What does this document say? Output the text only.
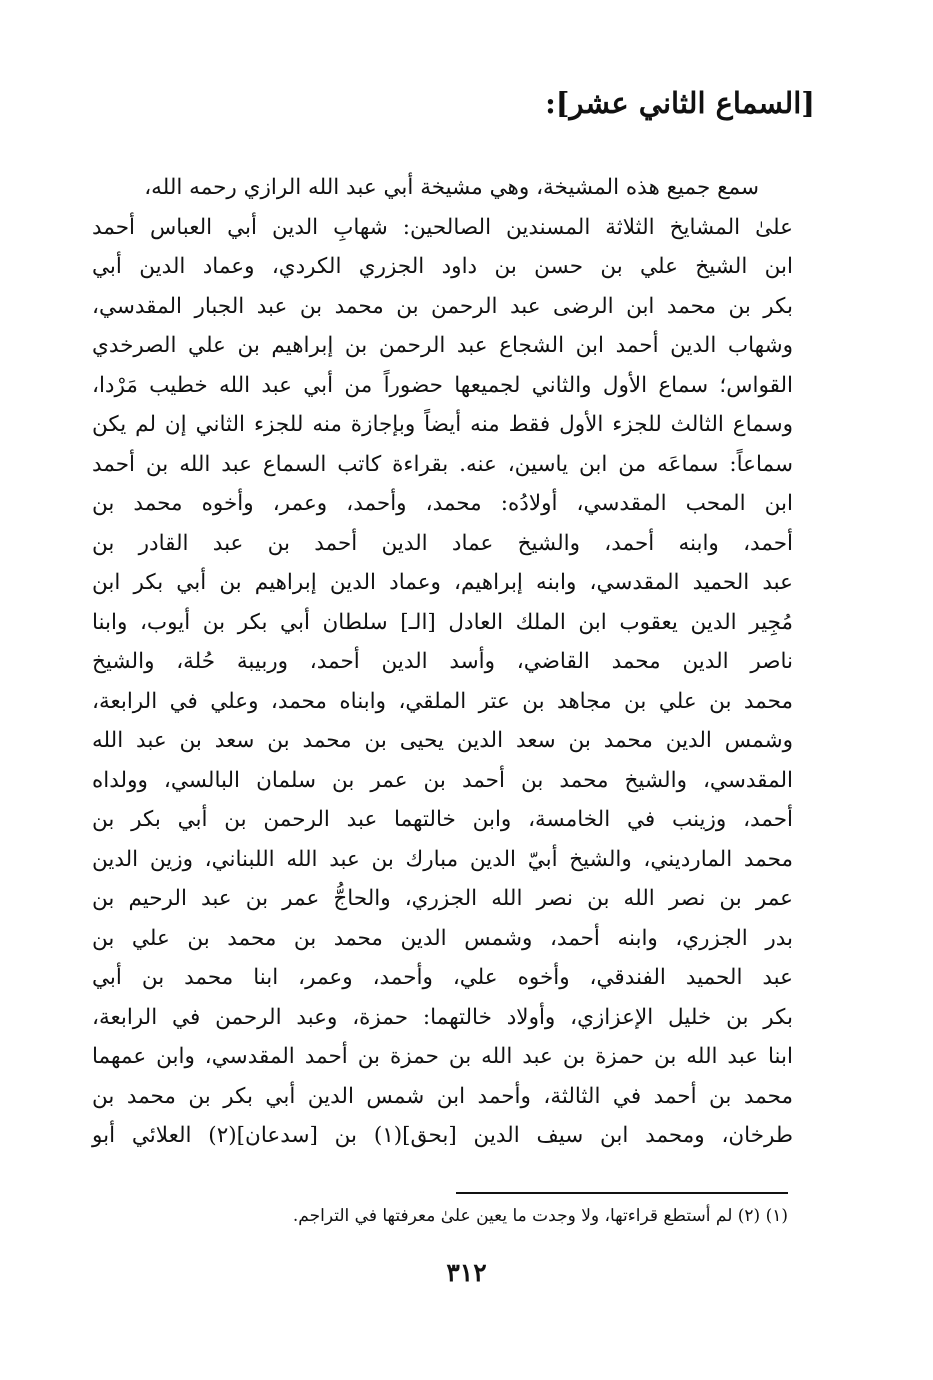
[السماع الثاني عشر]:
سمع جميع هذه المشيخة، وهي مشيخة أبي عبد الله الرازي رحمه الله،
علىٰ المشايخ الثلاثة المسندين الصالحين: شهابِ الدين أبي العباس أحمد
ابن الشيخ علي بن حسن بن داود الجزري الكردي، وعماد الدين أبي
بكر بن محمد ابن الرضى عبد الرحمن بن محمد بن عبد الجبار المقدسي،
وشهاب الدين أحمد ابن الشجاع عبد الرحمن بن إبراهيم بن علي الصرخدي
القواس؛ سماع الأول والثاني لجميعها حضوراً من أبي عبد الله خطيب مَرْدا،
وسماع الثالث للجزء الأول فقط منه أيضاً وبإجازة منه للجزء الثاني إن لم يكن
سماعاً: سماعَه من ابن ياسين، عنه. بقراءة كاتب السماع عبد الله بن أحمد
ابن المحب المقدسي، أولادُه: محمد، وأحمد، وعمر، وأخوه محمد بن
أحمد، وابنه أحمد، والشيخ عماد الدين أحمد بن عبد القادر بن
عبد الحميد المقدسي، وابنه إبراهيم، وعماد الدين إبراهيم بن أبي بكر ابن
مُجِير الدين يعقوب ابن الملك العادل [الـ] سلطان أبي بكر بن أيوب، وابنا
ناصر الدين محمد القاضي، وأسد الدين أحمد، وربيبة حُلة، والشيخ
محمد بن علي بن مجاهد بن عتر الملقي، وابناه محمد، وعلي في الرابعة،
وشمس الدين محمد بن سعد الدين يحيى بن محمد بن سعد بن عبد الله
المقدسي، والشيخ محمد بن أحمد بن عمر بن سلمان البالسي، وولداه
أحمد، وزينب في الخامسة، وابن خالتهما عبد الرحمن بن أبي بكر بن
محمد الماردیني، والشيخ أبيّ الدين مبارك بن عبد الله اللبناني، وزين الدين
عمر بن نصر الله بن نصر الله الجزري، والحاجُّ عمر بن عبد الرحيم بن
بدر الجزري، وابنه أحمد، وشمس الدين محمد بن محمد بن علي بن
عبد الحميد الفندقي، وأخوه علي، وأحمد، وعمر، ابنا محمد بن أبي
بكر بن خليل الإعزازي، وأولاد خالتهما: حمزة، وعبد الرحمن في الرابعة،
ابنا عبد الله بن حمزة بن عبد الله بن حمزة بن أحمد المقدسي، وابن عمهما
محمد بن أحمد في الثالثة، وأحمد ابن شمس الدين أبي بكر بن محمد بن
طرخان، ومحمد ابن سيف الدين [بحق](١) بن [سدعان](٢) العلائي أبو
(١) (٢) لم أستطع قراءتها، ولا وجدت ما يعين علىٰ معرفتها في التراجم.
٣١٢
